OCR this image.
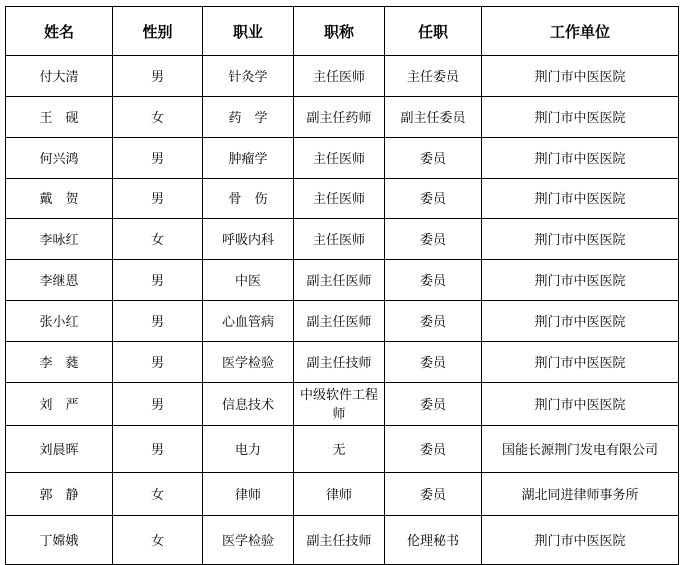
姓名	性别	职业	职称	任职	工作单位
付大清	男	针灸学	主任医师	主任委员	荆门市中医医院
王　砚	女	药　学	副主任药师	副主任委员	荆门市中医医院
何兴鸿	男	肿瘤学	主任医师	委员	荆门市中医医院
戴　贺	男	骨　伤	主任医师	委员	荆门市中医医院
李咏红	女	呼吸内科	主任医师	委员	荆门市中医医院
李继恩	男	中医	副主任医师	委员	荆门市中医医院
张小红	男	心血管病	副主任医师	委员	荆门市中医医院
李　蕤	男	医学检验	副主任技师	委员	荆门市中医医院
刘　严	男	信息技术	中级软件工程师	委员	荆门市中医医院
刘晨晖	男	电力	无	委员	国能长源荆门发电有限公司
郭　静	女	律师	律师	委员	湖北同进律师事务所
丁嫦娥	女	医学检验	副主任技师	伦理秘书	荆门市中医医院
